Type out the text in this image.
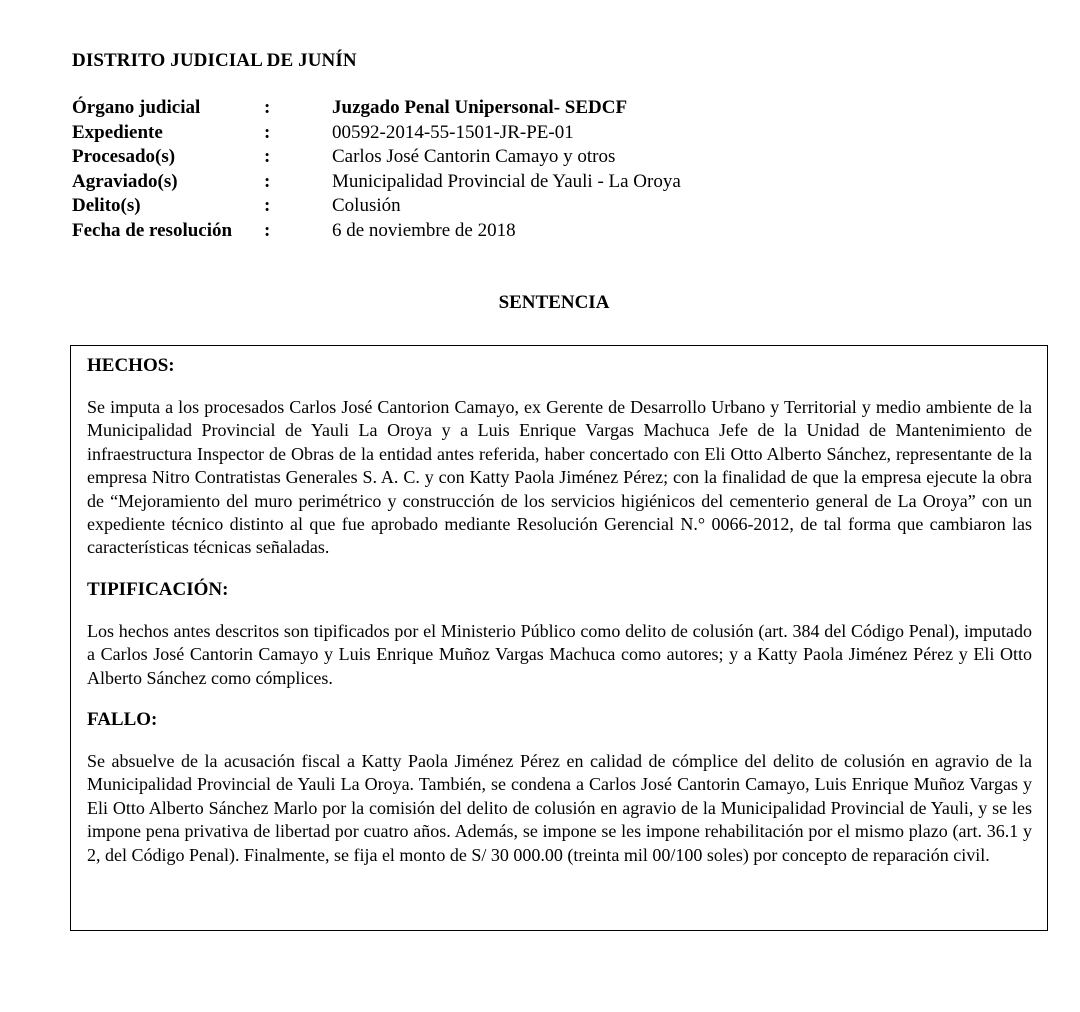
DISTRITO JUDICIAL DE JUNÍN
Órgano judicial	:	Juzgado Penal Unipersonal- SEDCF
Expediente	:	00592-2014-55-1501-JR-PE-01
Procesado(s)	:	Carlos José Cantorin Camayo y otros
Agraviado(s)	:	Municipalidad Provincial de Yauli - La Oroya
Delito(s)	:	Colusión
Fecha de resolución :	6 de noviembre de 2018
SENTENCIA
HECHOS:
Se imputa a los procesados Carlos José Cantorion Camayo, ex Gerente de Desarrollo Urbano y Territorial y medio ambiente de la Municipalidad Provincial de Yauli La Oroya y a Luis Enrique Vargas Machuca Jefe de la Unidad de Mantenimiento de infraestructura Inspector de Obras de la entidad antes referida, haber concertado con Eli Otto Alberto Sánchez, representante de la empresa Nitro Contratistas Generales S. A. C. y con Katty Paola Jiménez Pérez; con la finalidad de que la empresa ejecute la obra de “Mejoramiento del muro perimétrico y construcción de los servicios higiénicos del cementerio general de La Oroya” con un expediente técnico distinto al que fue aprobado mediante Resolución Gerencial N.° 0066-2012, de tal forma que cambiaron las características técnicas señaladas.
TIPIFICACIÓN:
Los hechos antes descritos son tipificados por el Ministerio Público como delito de colusión (art. 384 del Código Penal), imputado a Carlos José Cantorin Camayo y Luis Enrique Muñoz Vargas Machuca como autores; y a Katty Paola Jiménez Pérez y Eli Otto Alberto Sánchez como cómplices.
FALLO:
Se absuelve de la acusación fiscal a Katty Paola Jiménez Pérez en calidad de cómplice del delito de colusión en agravio de la Municipalidad Provincial de Yauli La Oroya. También, se condena a Carlos José Cantorin Camayo, Luis Enrique Muñoz Vargas y Eli Otto Alberto Sánchez Marlo por la comisión del delito de colusión en agravio de la Municipalidad Provincial de Yauli, y se les impone pena privativa de libertad por cuatro años. Además, se impone se les impone rehabilitación por el mismo plazo (art. 36.1 y 2, del Código Penal). Finalmente, se fija el monto de S/ 30 000.00 (treinta mil 00/100 soles) por concepto de reparación civil.
